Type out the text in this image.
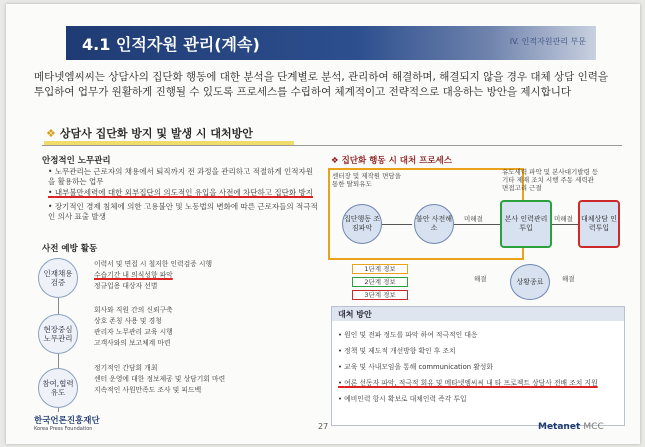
4.1 인적자원 관리(계속)	IV. 인적자원관리 부문
메타넷엠씨씨는 상담사의 집단화 행동에 대한 분석을 단계별로 분석, 관리하여 해결하며, 해결되지 않을 경우 대체 상담 인력을 투입하여 업무가 원활하게 진행될 수 있도록 프로세스를 수립하여 체계적이고 전략적으로 대응하는 방안을 제시합니다
❖ 상담사 집단화 방지 및 발생 시 대처방안
안정적인 노무관리
• 노무관리는 근로자의 채용에서 퇴직까지 전 과정을 관리하고 적절하게 인적자원을 활용하는 업무
• 내부불만세력에 대한 외부집단의 의도적인 유입을 사전에 차단하고 집단화 방지
• 장기적인 경제 침체에 의한 고용불안 및 노동법의 변화에 따른 근로자들의 적극적인 의사 표출 발생
사전 예방 활동
인재채용 검증
이력서 및 면접 시 철저한 인력검증 시행
수습기간 내 의식성향 파악
정규입용 대상자 선별
현장중심 노무관리
회사와 직원 간의 신뢰구축
상호 존칭 사용 및 경청
관리자 노무관리 교육 시행
고객사와의 보고체계 마련
참여,협력 유도
정기적인 간담회 개최
센터 운영에 대한 정보제공 및 상담기회 마련
지속적인 사원만족도 조사 및 피드백
❖ 집단화 행동 시 대처 프로세스
센터장 및 제작원 면담을 통한 탈퇴유도
유도세력 파악 및 본사대기발령 등 기타 제재 조치 시행 주동 세력관 면접고리 근절
집단행동 조짐파악
불안 사전해소
미해결	본사 인력관리 투입
미해결 대체상담 인력투입
상황종료
해결	해결
1단계 경보
2단계 경보
3단계 경보
대처 방안
• 원인 및 전파 정도를 파악 하여 적극적인 대응
• 정책 및 제도적 개선방향 확인 후 조치
• 교육 및 사내모임을 통해 communication 활성화
• 여론 선동자 파악, 적극적 회유 및 메타넷엠씨씨 내 타 프로젝트 상담사 전배 조치 지원
• 예비인력 항시 확보로 대체인력 즉각 투입
한국언론진흥재단
Korea Press Foundation	27	Metanet MCC
